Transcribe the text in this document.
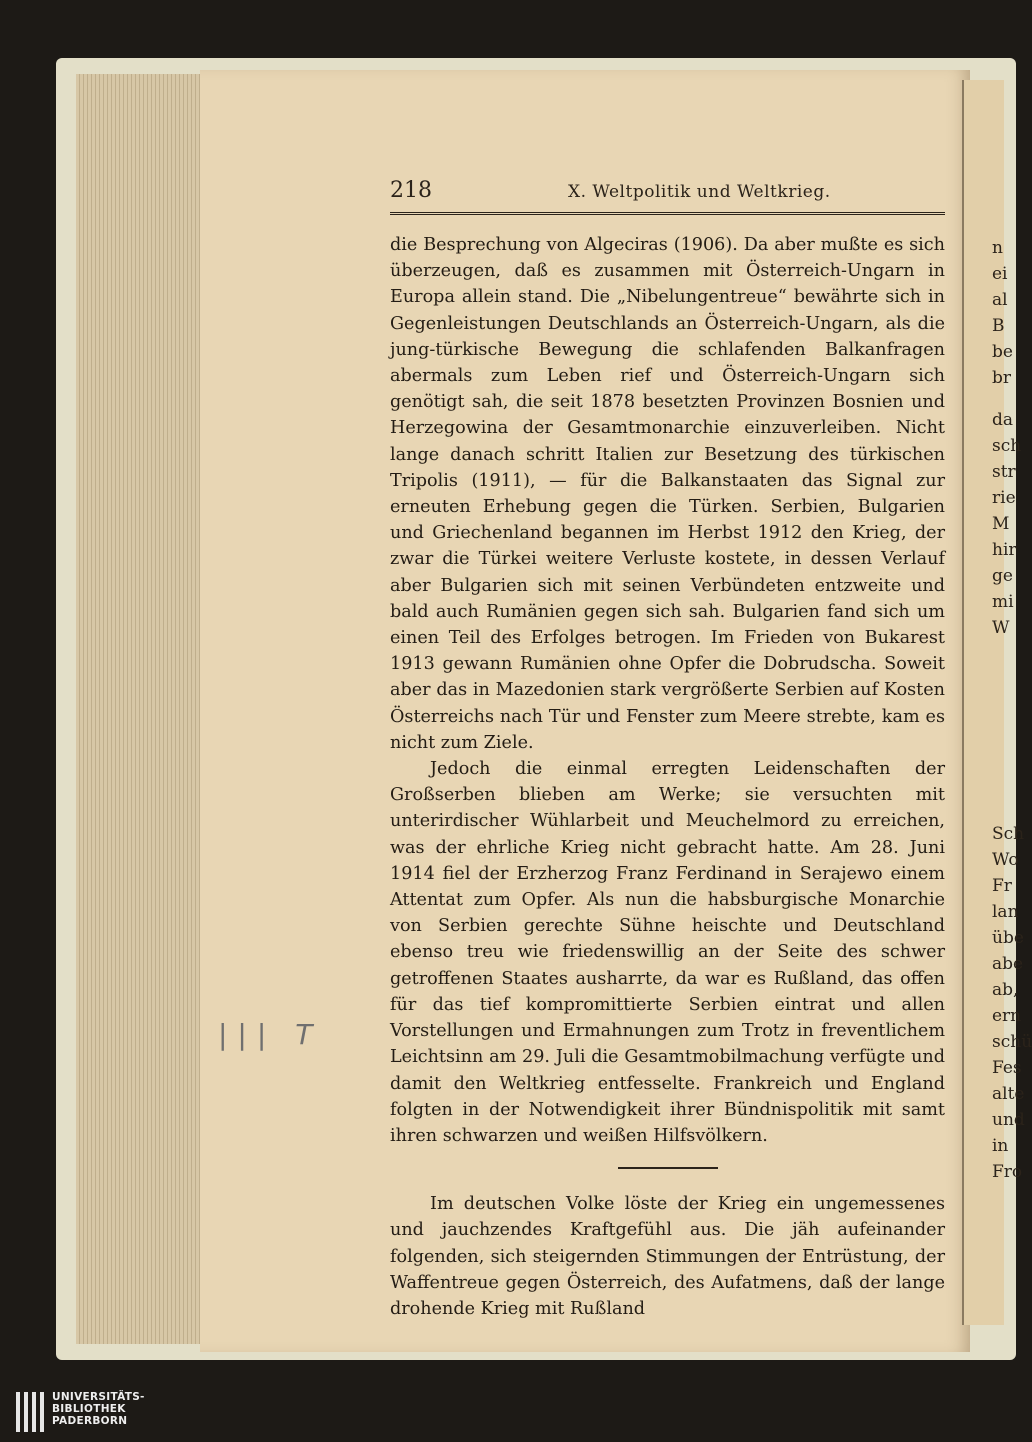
n
ei
al
B
be
br
da
sch
str
rie
M
hir
ge
mi
W
Sch
Wo
Fr
lan
übe
abe
ab,
ern
schü
Fes
alte
und
in
Fro
218	X. Weltpolitik und Weltkrieg.

die Besprechung von Algeciras (1906). Da aber mußte es sich überzeugen, daß es zusammen mit Österreich-Ungarn in Europa allein stand. Die „Nibelungentreue“ bewährte sich in Gegenleistungen Deutschlands an Österreich-Ungarn, als die jung-türkische Bewegung die schlafenden Balkanfragen abermals zum Leben rief und Österreich-Ungarn sich genötigt sah, die seit 1878 besetzten Provinzen Bosnien und Herzegowina der Gesamtmonarchie einzuverleiben. Nicht lange danach schritt Italien zur Besetzung des türkischen Tripolis (1911), — für die Balkanstaaten das Signal zur erneuten Erhebung gegen die Türken. Serbien, Bulgarien und Griechenland begannen im Herbst 1912 den Krieg, der zwar die Türkei weitere Verluste kostete, in dessen Verlauf aber Bulgarien sich mit seinen Verbündeten entzweite und bald auch Rumänien gegen sich sah. Bulgarien fand sich um einen Teil des Erfolges betrogen. Im Frieden von Bukarest 1913 gewann Rumänien ohne Opfer die Dobrudscha. Soweit aber das in Mazedonien stark vergrößerte Serbien auf Kosten Österreichs nach Tür und Fenster zum Meere strebte, kam es nicht zum Ziele.

Jedoch die einmal erregten Leidenschaften der Großserben blieben am Werke; sie versuchten mit unterirdischer Wühlarbeit und Meuchelmord zu erreichen, was der ehrliche Krieg nicht gebracht hatte. Am 28. Juni 1914 fiel der Erzherzog Franz Ferdinand in Serajewo einem Attentat zum Opfer. Als nun die habsburgische Monarchie von Serbien gerechte Sühne heischte und Deutschland ebenso treu wie friedenswillig an der Seite des schwer getroffenen Staates ausharrte, da war es Rußland, das offen für das tief kompromittierte Serbien eintrat und allen Vorstellungen und Ermahnungen zum Trotz in freventlichem Leichtsinn am 29. Juli die Gesamtmobilmachung verfügte und damit den Weltkrieg entfesselte. Frankreich und England folgten in der Notwendigkeit ihrer Bündnispolitik mit samt ihren schwarzen und weißen Hilfsvölkern.

Im deutschen Volke löste der Krieg ein ungemessenes und jauchzendes Kraftgefühl aus. Die jäh aufeinander folgenden, sich steigernden Stimmungen der Entrüstung, der Waffentreue gegen Österreich, des Aufatmens, daß der lange drohende Krieg mit Rußland

||| T
UNIVERSITÄTS-
BIBLIOTHEK
PADERBORN
